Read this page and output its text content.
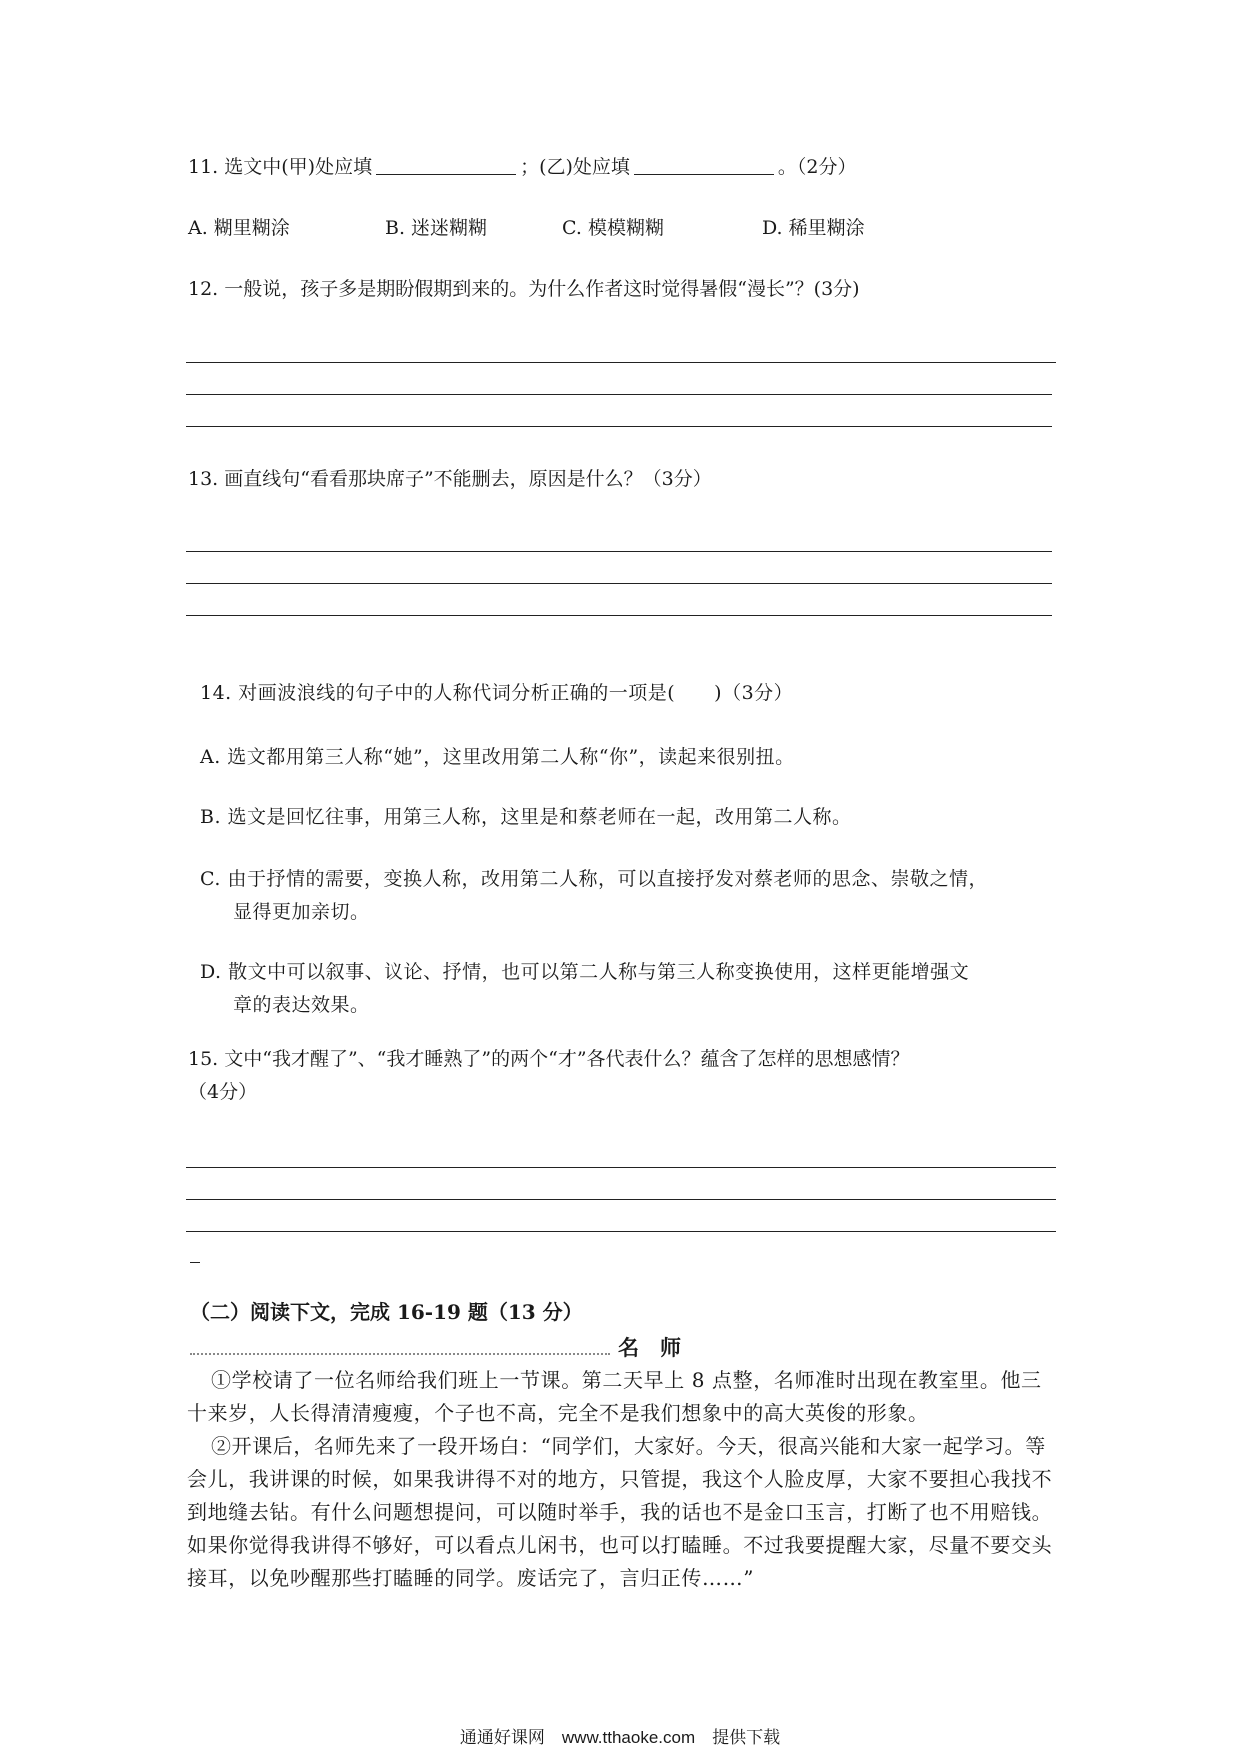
11. 选文中(甲)处应填	；(乙)处应填	。（2分）
A. 糊里糊涂	B. 迷迷糊糊	C. 模模糊糊	D. 稀里糊涂
12. 一般说，孩子多是期盼假期到来的。为什么作者这时觉得暑假“漫长”？(3分)
13. 画直线句“看看那块席子”不能删去，原因是什么？（3分）
14. 对画波浪线的句子中的人称代词分析正确的一项是(　　)（3分）
A. 选文都用第三人称“她”，这里改用第二人称“你”，读起来很别扭。
B. 选文是回忆往事，用第三人称，这里是和蔡老师在一起，改用第二人称。
C. 由于抒情的需要，变换人称，改用第二人称，可以直接抒发对蔡老师的思念、崇敬之情，
显得更加亲切。
D. 散文中可以叙事、议论、抒情，也可以第二人称与第三人称变换使用，这样更能增强文
章的表达效果。
15. 文中“我才醒了”、“我才睡熟了”的两个“才”各代表什么？蕴含了怎样的思想感情？
（4分）
（二）阅读下文，完成 16-19 题（13 分）
名　师

①学校请了一位名师给我们班上一节课。第二天早上 8 点整，名师准时出现在教室里。他三十来岁，人长得清清瘦瘦，个子也不高，完全不是我们想象中的高大英俊的形象。

②开课后，名师先来了一段开场白：“同学们，大家好。今天，很高兴能和大家一起学习。等会儿，我讲课的时候，如果我讲得不对的地方，只管提，我这个人脸皮厚，大家不要担心我找不到地缝去钻。有什么问题想提问，可以随时举手，我的话也不是金口玉言，打断了也不用赔钱。如果你觉得我讲得不够好，可以看点儿闲书，也可以打瞌睡。不过我要提醒大家，尽量不要交头接耳，以免吵醒那些打瞌睡的同学。废话完了，言归正传……”

通通好课网　www.tthaoke.com　提供下载
